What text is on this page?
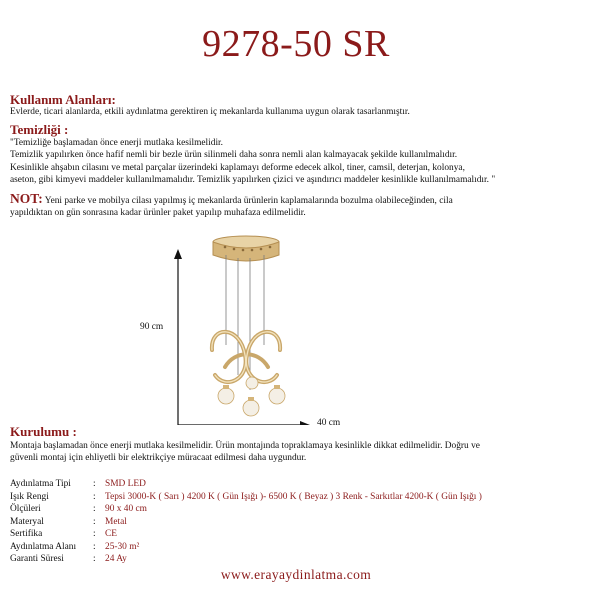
9278-50 SR
Kullanım Alanları:
Evlerde, ticari alanlarda, etkili aydınlatma gerektiren iç mekanlarda kullanıma uygun olarak tasarlanmıştır.
Temizliği :
"Temizliğe başlamadan önce enerji mutlaka kesilmelidir.
Temizlik yapılırken önce hafif nemli bir bezle ürün silinmeli daha sonra nemli alan kalmayacak şekilde kullanılmalıdır.
Kesinlikle ahşabın cilasını ve metal parçalar üzerindeki kaplamayı deforme edecek alkol, tiner, camsil, deterjan, kolonya,
aseton, gibi kimyevi maddeler kullanılmamalıdır. Temizlik yapılırken çizici ve aşındırıcı maddeler kesinlikle kullanılmamalıdır. "
NOT: Yeni parke ve mobilya cilası yapılmış iç mekanlarda ürünlerin kaplamalarında bozulma olabileceğinden, cila
yapıldıktan on gün sonrasına kadar ürünler paket yapılıp muhafaza edilmelidir.
90 cm
40 cm
Kurulumu :
Montaja başlamadan önce enerji mutlaka kesilmelidir. Ürün montajında topraklamaya kesinlikle dikkat edilmelidir. Doğru ve
güvenli montaj için ehliyetli bir elektrikçiye müracaat edilmesi daha uygundur.
Aydınlatma Tipi	: SMD LED
Işık Rengi	: Tepsi 3000-K ( Sarı ) 4200 K ( Gün Işığı )- 6500 K ( Beyaz ) 3 Renk - Sarkıtlar 4200-K ( Gün Işığı )
Ölçüleri	: 90 x 40 cm
Materyal	: Metal
Sertifika	: CE
Aydınlatma Alanı	: 25-30 m²
Garanti Süresi	: 24 Ay
www.erayaydinlatma.com
